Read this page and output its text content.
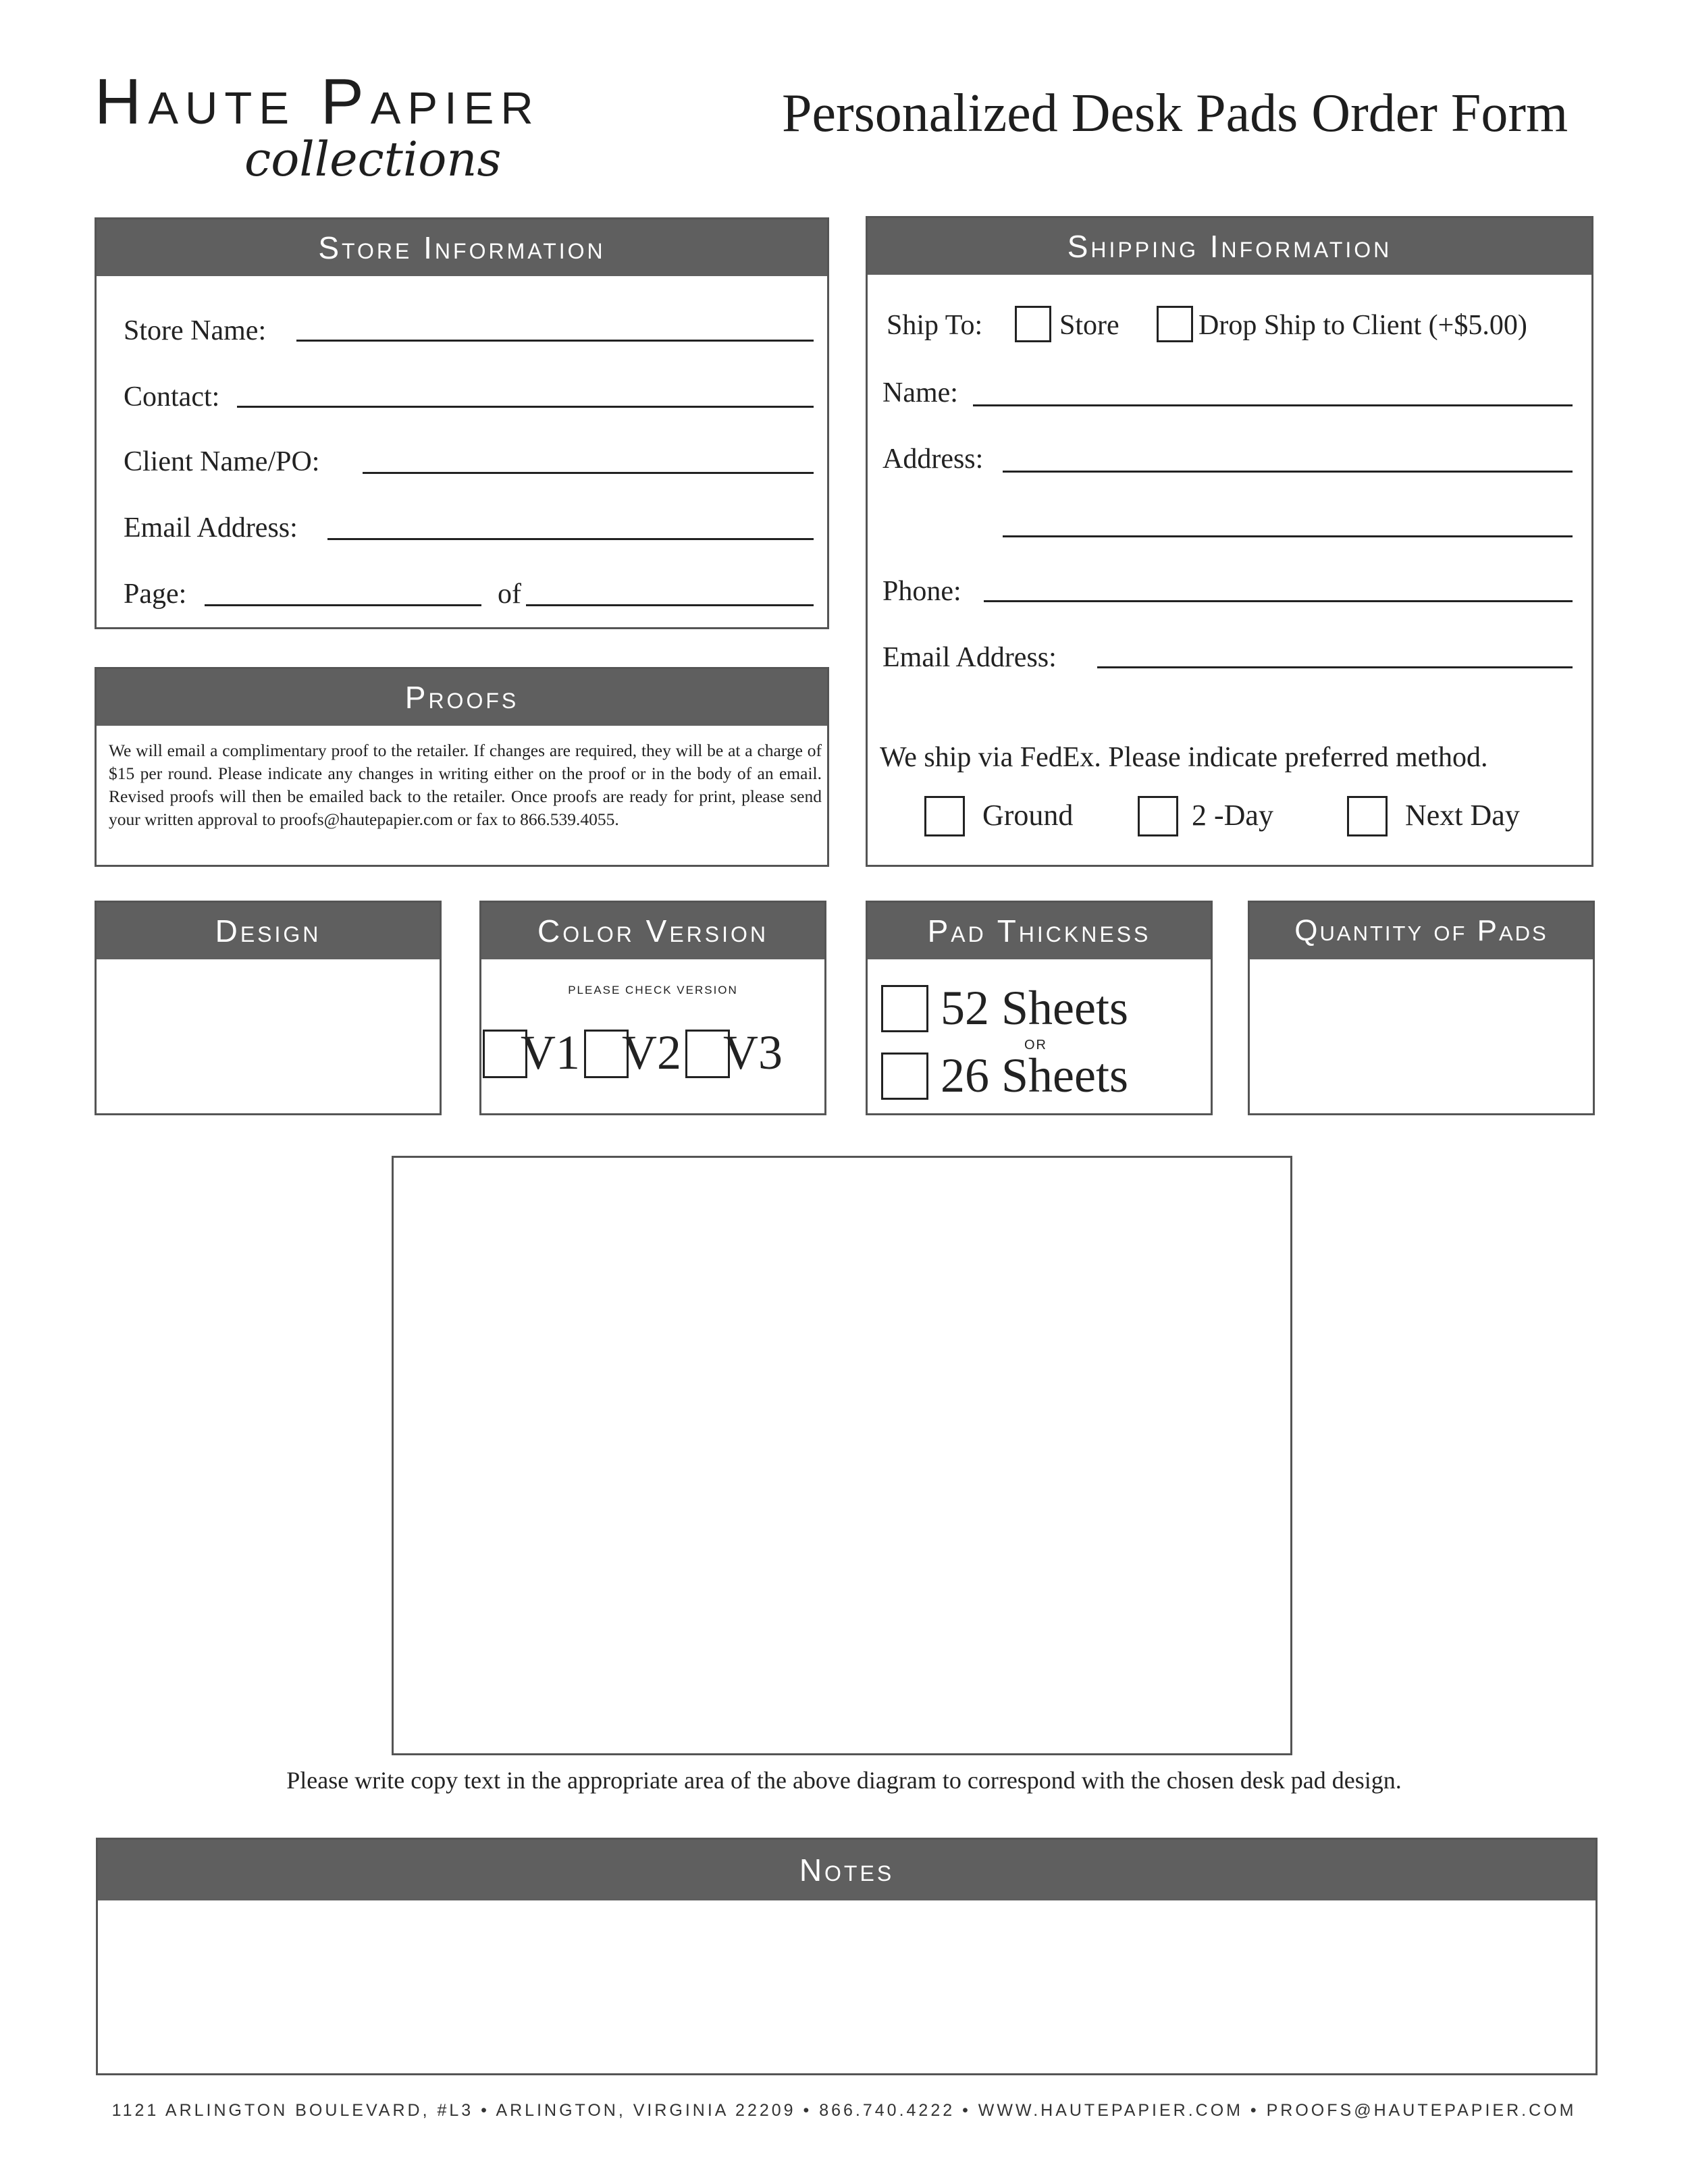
Haute Papier
collections
Personalized Desk Pads Order Form
Store Information
Store Name:
Contact:
Client Name/PO:
Email Address:
Page:	of
Proofs
We will email a complimentary proof to the retailer. If changes are required, they will be at a charge of $15 per round. Please indicate any changes in writing either on the proof or in the body of an email. Revised proofs will then be emailed back to the retailer. Once proofs are ready for print, please send your written approval to proofs@hautepapier.com or fax to 866.539.4055.
Shipping Information
Ship To:	Store	Drop Ship to Client (+$5.00)
Name:
Address:
Phone:
Email Address:
We ship via FedEx. Please indicate preferred method.
Ground	2 -Day	Next Day
Design	Color Version
PLEASE CHECK VERSION
V1 V2 V3
Pad Thickness
52 Sheets
OR
26 Sheets
Quantity of Pads
Please write copy text in the appropriate area of the above diagram to correspond with the chosen desk pad design.
Notes
1121 ARLINGTON BOULEVARD, #L3 • ARLINGTON, VIRGINIA 22209 • 866.740.4222 • WWW.HAUTEPAPIER.COM • PROOFS@HAUTEPAPIER.COM
